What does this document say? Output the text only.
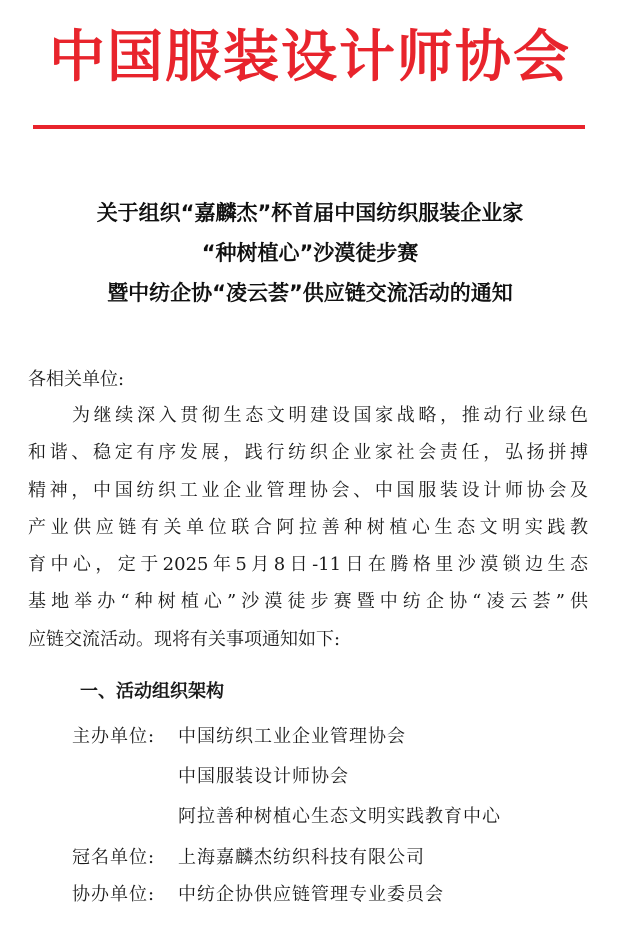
中国服装设计师协会
关于组织“嘉麟杰”杯首届中国纺织服装企业家
“种树植心”沙漠徒步赛
暨中纺企协“凌云荟”供应链交流活动的通知
各相关单位:
为继续深入贯彻生态文明建设国家战略，推动行业绿色
和谐、稳定有序发展，践行纺织企业家社会责任，弘扬拼搏
精神，中国纺织工业企业管理协会、中国服装设计师协会及
产业供应链有关单位联合阿拉善种树植心生态文明实践教
育中心，定于2025年5月8日-11日在腾格里沙漠锁边生态
基地举办“种树植心”沙漠徒步赛暨中纺企协“凌云荟”供
应链交流活动。现将有关事项通知如下:
一、活动组织架构
主办单位:	中国纺织工业企业管理协会
中国服装设计师协会
阿拉善种树植心生态文明实践教育中心
冠名单位:	上海嘉麟杰纺织科技有限公司
协办单位:	中纺企协供应链管理专业委员会
